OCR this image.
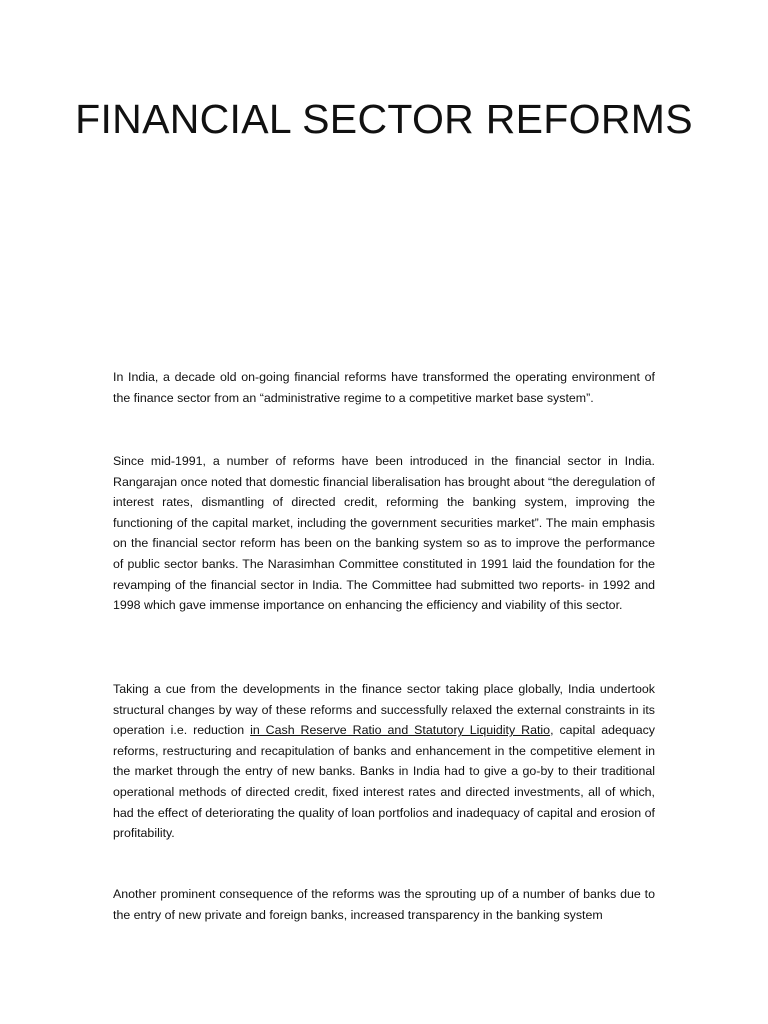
FINANCIAL SECTOR REFORMS

In India, a decade old on-going financial reforms have transformed the operating environment of the finance sector from an “administrative regime to a competitive market base system”.

Since mid-1991, a number of reforms have been introduced in the financial sector in India. Rangarajan once noted that domestic financial liberalisation has brought about “the deregulation of interest rates, dismantling of directed credit, reforming the banking system, improving the functioning of the capital market, including the government securities market”. The main emphasis on the financial sector reform has been on the banking system so as to improve the performance of public sector banks. The Narasimhan Committee constituted in 1991 laid the foundation for the revamping of the financial sector in India. The Committee had submitted two reports- in 1992 and 1998 which gave immense importance on enhancing the efficiency and viability of this sector.

Taking a cue from the developments in the finance sector taking place globally, India undertook structural changes by way of these reforms and successfully relaxed the external constraints in its operation i.e. reduction in Cash Reserve Ratio and Statutory Liquidity Ratio, capital adequacy reforms, restructuring and recapitulation of banks and enhancement in the competitive element in the market through the entry of new banks. Banks in India had to give a go-by to their traditional operational methods of directed credit, fixed interest rates and directed investments, all of which, had the effect of deteriorating the quality of loan portfolios and inadequacy of capital and erosion of profitability.

Another prominent consequence of the reforms was the sprouting up of a number of banks due to the entry of new private and foreign banks, increased transparency in the banking system
